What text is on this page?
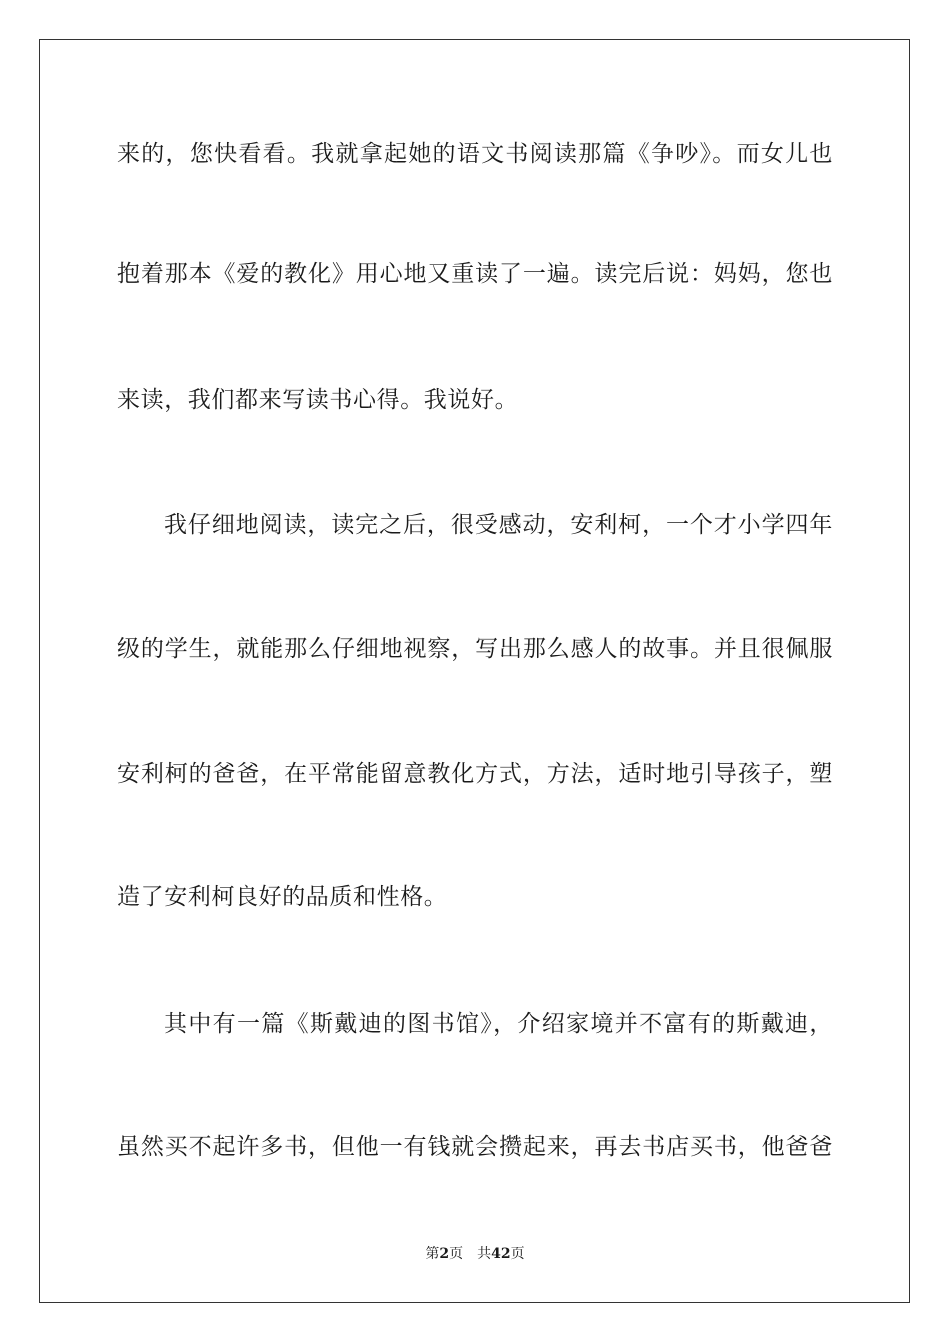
来的，您快看看。我就拿起她的语文书阅读那篇《争吵》。而女儿也
抱着那本《爱的教化》用心地又重读了一遍。读完后说：妈妈，您也
来读，我们都来写读书心得。我说好。
我仔细地阅读，读完之后，很受感动，安利柯，一个才小学四年
级的学生，就能那么仔细地视察，写出那么感人的故事。并且很佩服
安利柯的爸爸，在平常能留意教化方式，方法，适时地引导孩子，塑
造了安利柯良好的品质和性格。
其中有一篇《斯戴迪的图书馆》，介绍家境并不富有的斯戴迪，
虽然买不起许多书，但他一有钱就会攒起来，再去书店买书，他爸爸
第2页 共42页
